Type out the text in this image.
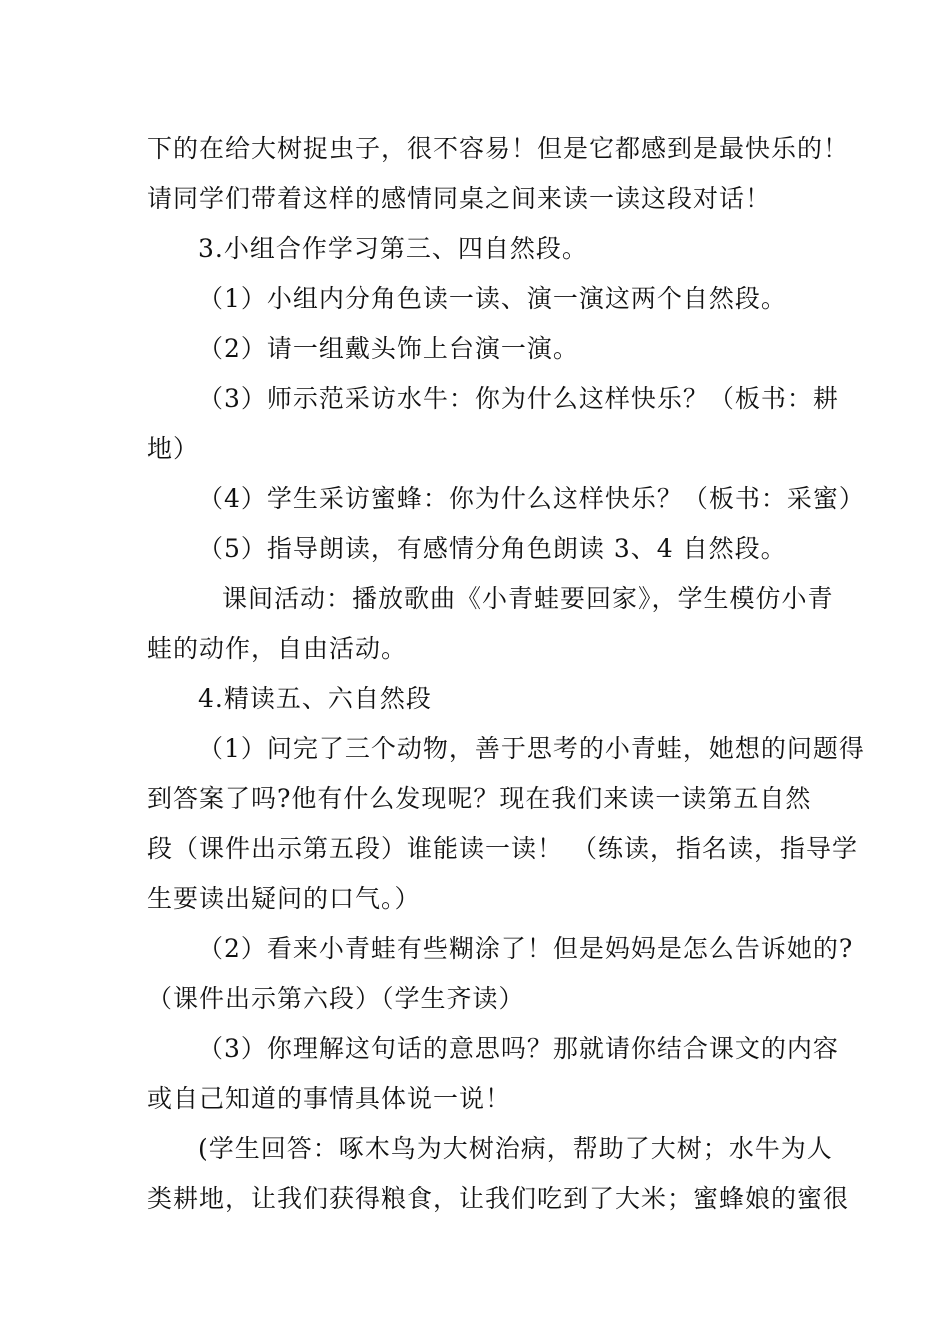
下的在给大树捉虫子，很不容易！但是它都感到是最快乐的！
请同学们带着这样的感情同桌之间来读一读这段对话！
3.小组合作学习第三、四自然段。
（1）小组内分角色读一读、演一演这两个自然段。
（2）请一组戴头饰上台演一演。
（3）师示范采访水牛：你为什么这样快乐？（板书：耕
地）
（4）学生采访蜜蜂：你为什么这样快乐？（板书：采蜜）
（5）指导朗读，有感情分角色朗读 3、4 自然段。
课间活动：播放歌曲《小青蛙要回家》，学生模仿小青
蛙的动作，自由活动。
4.精读五、六自然段
（1）问完了三个动物，善于思考的小青蛙，她想的问题得
到答案了吗?他有什么发现呢？现在我们来读一读第五自然
段（课件出示第五段）谁能读一读！ （练读，指名读，指导学
生要读出疑问的口气。）
（2）看来小青蛙有些糊涂了！但是妈妈是怎么告诉她的?
（课件出示第六段）（学生齐读）
（3）你理解这句话的意思吗？那就请你结合课文的内容
或自己知道的事情具体说一说！
(学生回答：啄木鸟为大树治病，帮助了大树；水牛为人
类耕地，让我们获得粮食，让我们吃到了大米；蜜蜂娘的蜜很
